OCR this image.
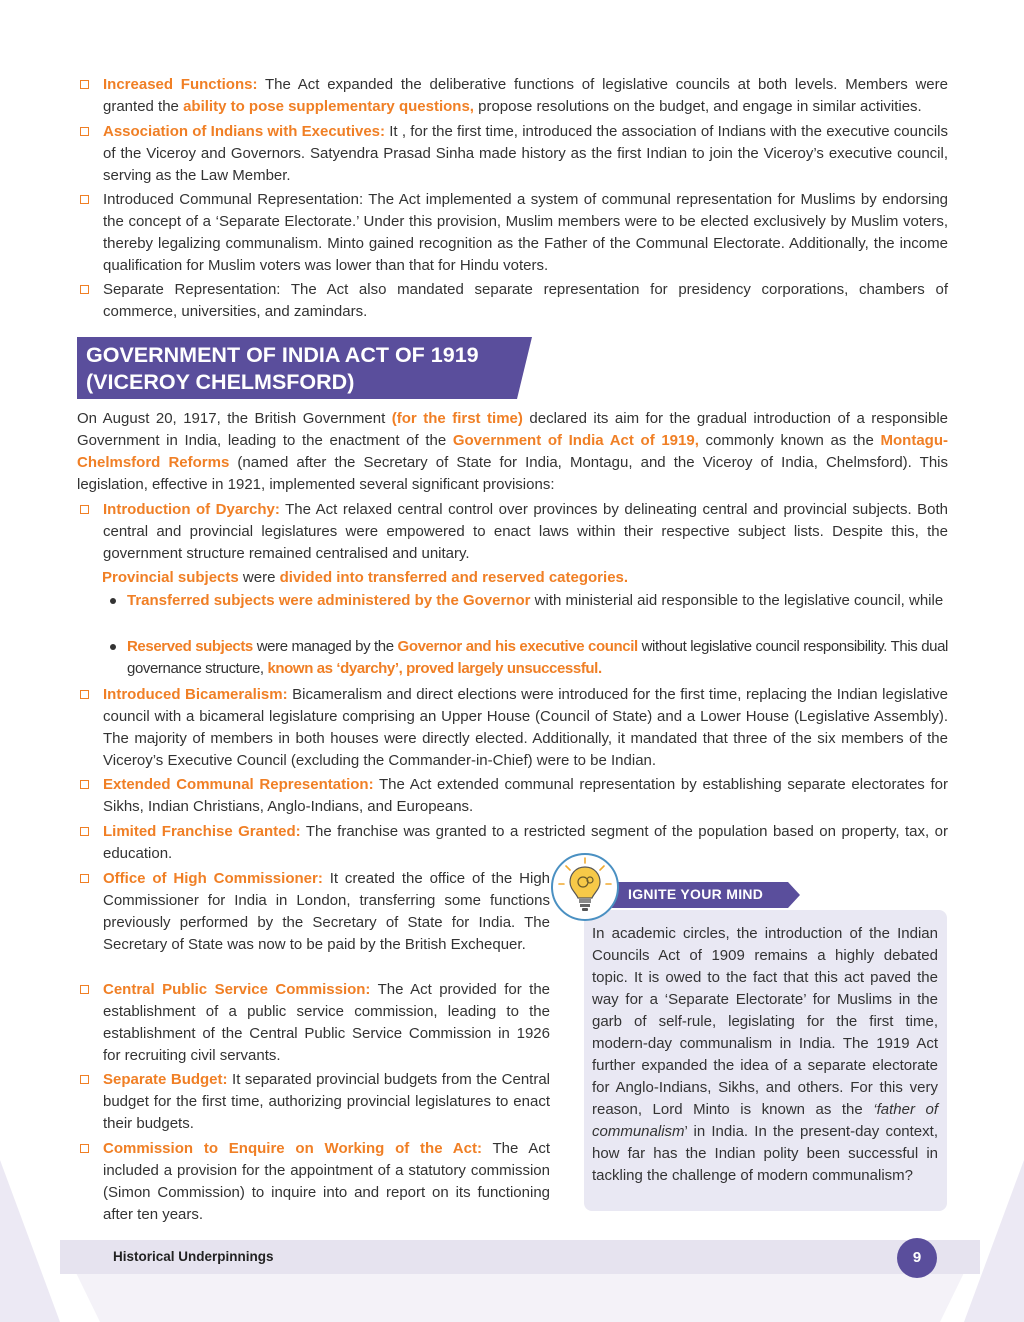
Increased Functions: The Act expanded the deliberative functions of legislative councils at both levels. Members were granted the ability to pose supplementary questions, propose resolutions on the budget, and engage in similar activities.
Association of Indians with Executives: It , for the first time, introduced the association of Indians with the executive councils of the Viceroy and Governors. Satyendra Prasad Sinha made history as the first Indian to join the Viceroy’s executive council, serving as the Law Member.
Introduced Communal Representation: The Act implemented a system of communal representation for Muslims by endorsing the concept of a ‘Separate Electorate.’ Under this provision, Muslim members were to be elected exclusively by Muslim voters, thereby legalizing communalism. Minto gained recognition as the Father of the Communal Electorate. Additionally, the income qualification for Muslim voters was lower than that for Hindu voters.
Separate Representation: The Act also mandated separate representation for presidency corporations, chambers of commerce, universities, and zamindars.
GOVERNMENT OF INDIA ACT OF 1919
(VICEROY CHELMSFORD)
On August 20, 1917, the British Government (for the first time) declared its aim for the gradual introduction of a responsible Government in India, leading to the enactment of the Government of India Act of 1919, commonly known as the Montagu-Chelmsford Reforms (named after the Secretary of State for India, Montagu, and the Viceroy of India, Chelmsford). This legislation, effective in 1921, implemented several significant provisions:
Introduction of Dyarchy: The Act relaxed central control over provinces by delineating central and provincial subjects. Both central and provincial legislatures were empowered to enact laws within their respective subject lists. Despite this, the government structure remained centralised and unitary.
Provincial subjects were divided into transferred and reserved categories.
Transferred subjects were administered by the Governor with ministerial aid responsible to the legislative council, while
Reserved subjects were managed by the Governor and his executive council without legislative council responsibility. This dual governance structure, known as ‘dyarchy’, proved largely unsuccessful.
Introduced Bicameralism: Bicameralism and direct elections were introduced for the first time, replacing the Indian legislative council with a bicameral legislature comprising an Upper House (Council of State) and a Lower House (Legislative Assembly). The majority of members in both houses were directly elected. Additionally, it mandated that three of the six members of the Viceroy’s Executive Council (excluding the Commander-in-Chief) were to be Indian.
Extended Communal Representation: The Act extended communal representation by establishing separate electorates for Sikhs, Indian Christians, Anglo-Indians, and Europeans.
Limited Franchise Granted: The franchise was granted to a restricted segment of the population based on property, tax, or education.
Office of High Commissioner: It created the office of the High Commissioner for India in London, transferring some functions previously performed by the Secretary of State for India. The Secretary of State was now to be paid by the British Exchequer.
Central Public Service Commission: The Act provided for the establishment of a public service commission, leading to the establishment of the Central Public Service Commission in 1926 for recruiting civil servants.
Separate Budget: It separated provincial budgets from the Central budget for the first time, authorizing provincial legislatures to enact their budgets.
Commission to Enquire on Working of the Act: The Act included a provision for the appointment of a statutory commission (Simon Commission) to inquire into and report on its functioning after ten years.
IGNITE YOUR MIND
In academic circles, the introduction of the Indian Councils Act of 1909 remains a highly debated topic. It is owed to the fact that this act paved the way for a ‘Separate Electorate’ for Muslims in the garb of self-rule, legislating for the first time, modern-day communalism in India. The 1919 Act further expanded the idea of a separate electorate for Anglo-Indians, Sikhs, and others. For this very reason, Lord Minto is known as the ‘father of communalism’ in India. In the present-day context, how far has the Indian polity been successful in tackling the challenge of modern communalism?
Historical Underpinnings	9
